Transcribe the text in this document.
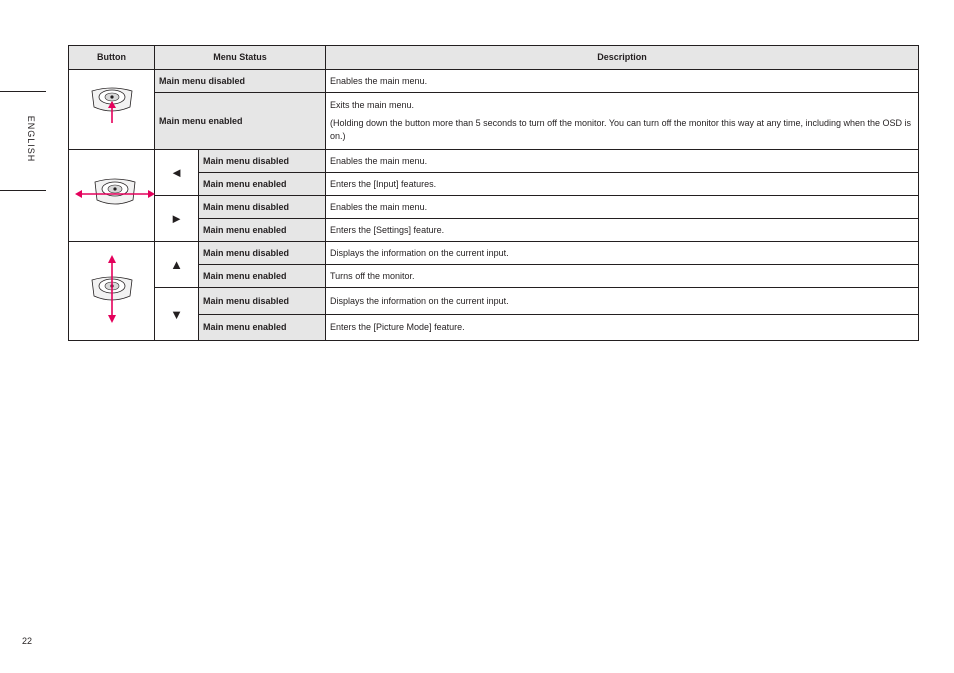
ENGLISH
Button	Menu Status		Description
	Main menu disabled		Enables the main menu.
	Main menu enabled		Exits the main menu.
(Holding down the button more than 5 seconds to turn off the monitor. You can turn off the monitor this way at any time, including when the OSD is on.)

	◄	Main menu disabled	Enables the main menu.
		Main menu enabled	Enters the [Input] features.
	►	Main menu disabled	Enables the main menu.
		Main menu enabled	Enters the [Settings] feature.
	▲	Main menu disabled	Displays the information on the current input.
		Main menu enabled	Turns off the monitor.
	▼	Main menu disabled	Displays the information on the current input.
		Main menu enabled	Enters the [Picture Mode] feature.
22
